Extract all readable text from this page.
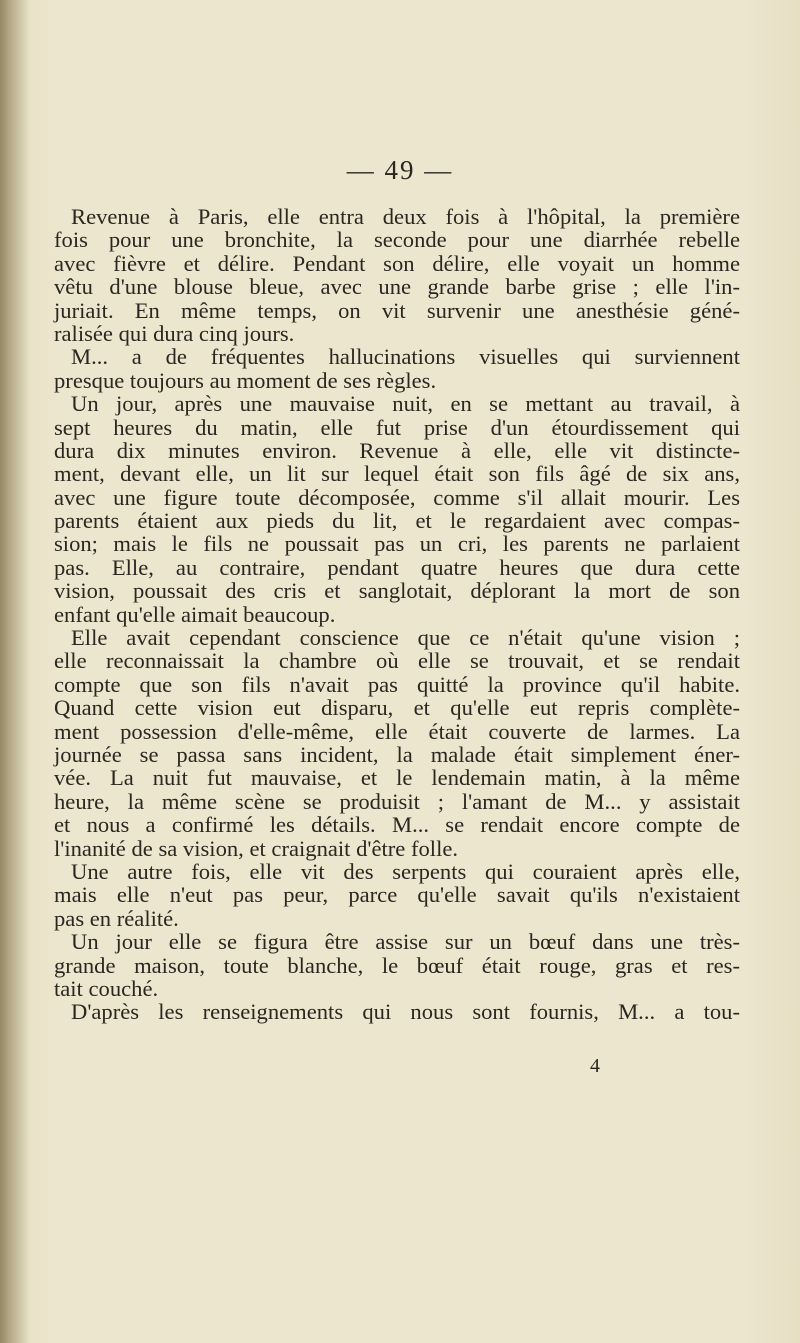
— 49 —
Revenue à Paris, elle entra deux fois à l'hôpital, la première
fois pour une bronchite, la seconde pour une diarrhée rebelle
avec fièvre et délire. Pendant son délire, elle voyait un homme
vêtu d'une blouse bleue, avec une grande barbe grise ; elle l'in-
juriait. En même temps, on vit survenir une anesthésie géné-
ralisée qui dura cinq jours.
M... a de fréquentes hallucinations visuelles qui surviennent
presque toujours au moment de ses règles.
Un jour, après une mauvaise nuit, en se mettant au travail, à
sept heures du matin, elle fut prise d'un étourdissement qui
dura dix minutes environ. Revenue à elle, elle vit distincte-
ment, devant elle, un lit sur lequel était son fils âgé de six ans,
avec une figure toute décomposée, comme s'il allait mourir. Les
parents étaient aux pieds du lit, et le regardaient avec compas-
sion; mais le fils ne poussait pas un cri, les parents ne parlaient
pas. Elle, au contraire, pendant quatre heures que dura cette
vision, poussait des cris et sanglotait, déplorant la mort de son
enfant qu'elle aimait beaucoup.
Elle avait cependant conscience que ce n'était qu'une vision ;
elle reconnaissait la chambre où elle se trouvait, et se rendait
compte que son fils n'avait pas quitté la province qu'il habite.
Quand cette vision eut disparu, et qu'elle eut repris complète-
ment possession d'elle-même, elle était couverte de larmes. La
journée se passa sans incident, la malade était simplement éner-
vée. La nuit fut mauvaise, et le lendemain matin, à la même
heure, la même scène se produisit ; l'amant de M... y assistait
et nous a confirmé les détails. M... se rendait encore compte de
l'inanité de sa vision, et craignait d'être folle.
Une autre fois, elle vit des serpents qui couraient après elle,
mais elle n'eut pas peur, parce qu'elle savait qu'ils n'existaient
pas en réalité.
Un jour elle se figura être assise sur un bœuf dans une très-
grande maison, toute blanche, le bœuf était rouge, gras et res-
tait couché.
D'après les renseignements qui nous sont fournis, M... a tou-
4
